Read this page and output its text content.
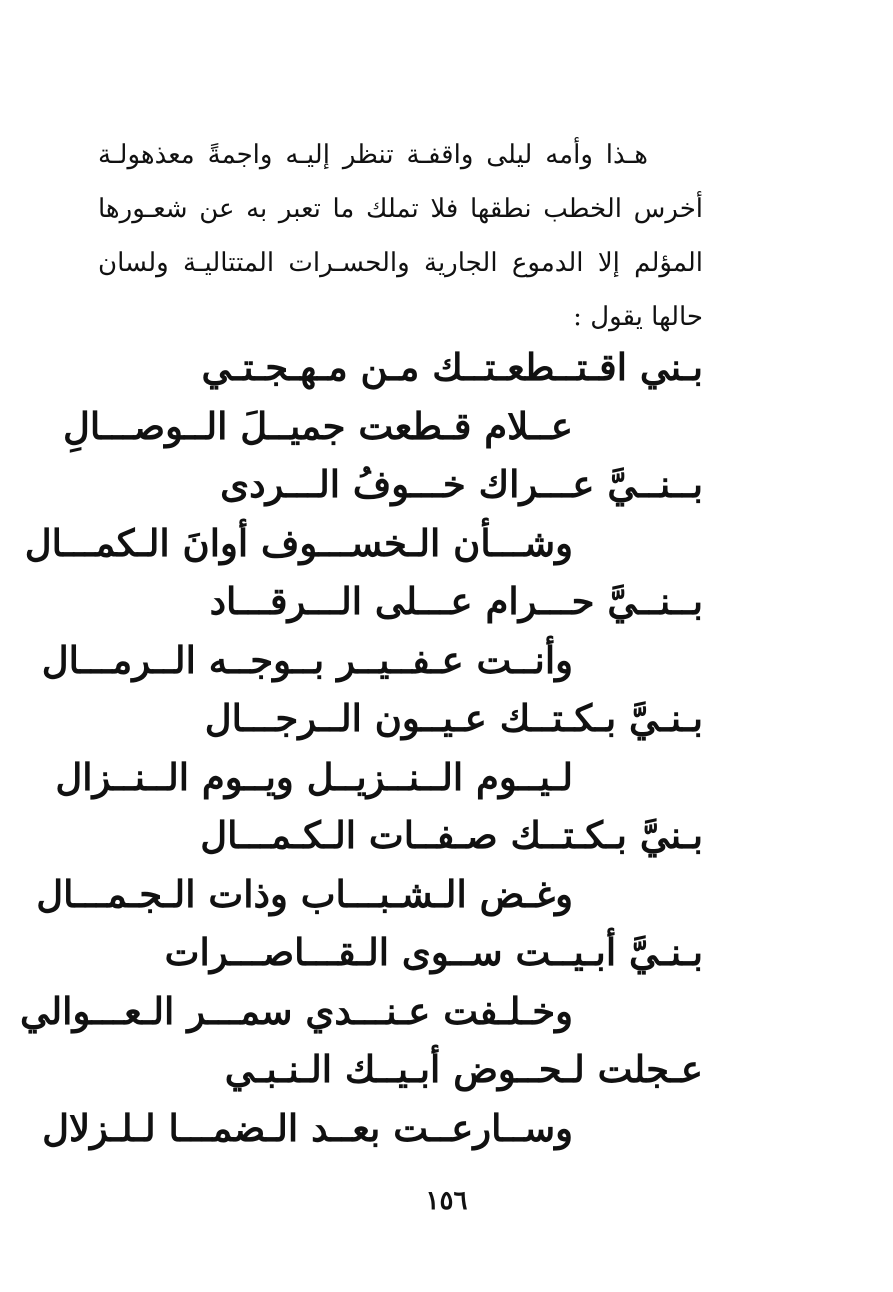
هـذا وأمه ليلى واقفـة تنظر إليـه واجمةً معذهولـة
أخرس الخطب نطقها فلا تملك ما تعبر به عن شعـورها
المؤلم إلا الدموع الجارية والحسـرات المتتاليـة ولسان
حالها يقول :
بـني اقـتــطعـتــك مـن مـهـجـتـي
عــلام قـطعت جميــلَ الــوصـــالِ
بــنــيَّ عـــراك خـــوفُ الـــردى
وشـــأن الـخســـوف أوانَ الـكمـــال
بــنــيَّ حـــرام عـــلى الـــرقـــاد
وأنــت عـفــيــر بــوجــه الــرمـــال
بـنـيَّ بـكـتــك عـيــون الــرجـــال
لـيــوم الــنــزيــل ويــوم الــنــزال
بـنيَّ بـكـتــك صـفــات الـكـمـــال
وغـض الـشـبـــاب وذات الـجـمـــال
بـنـيَّ أبـيــت ســوى الـقـــاصـــرات
وخـلـفت عـنـــدي سمـــر الـعـــوالي
عـجلت لـحــوض أبـيــك الـنـبـي
وســارعــت بعــد الـضمـــا لـلـزلال
١٥٦
